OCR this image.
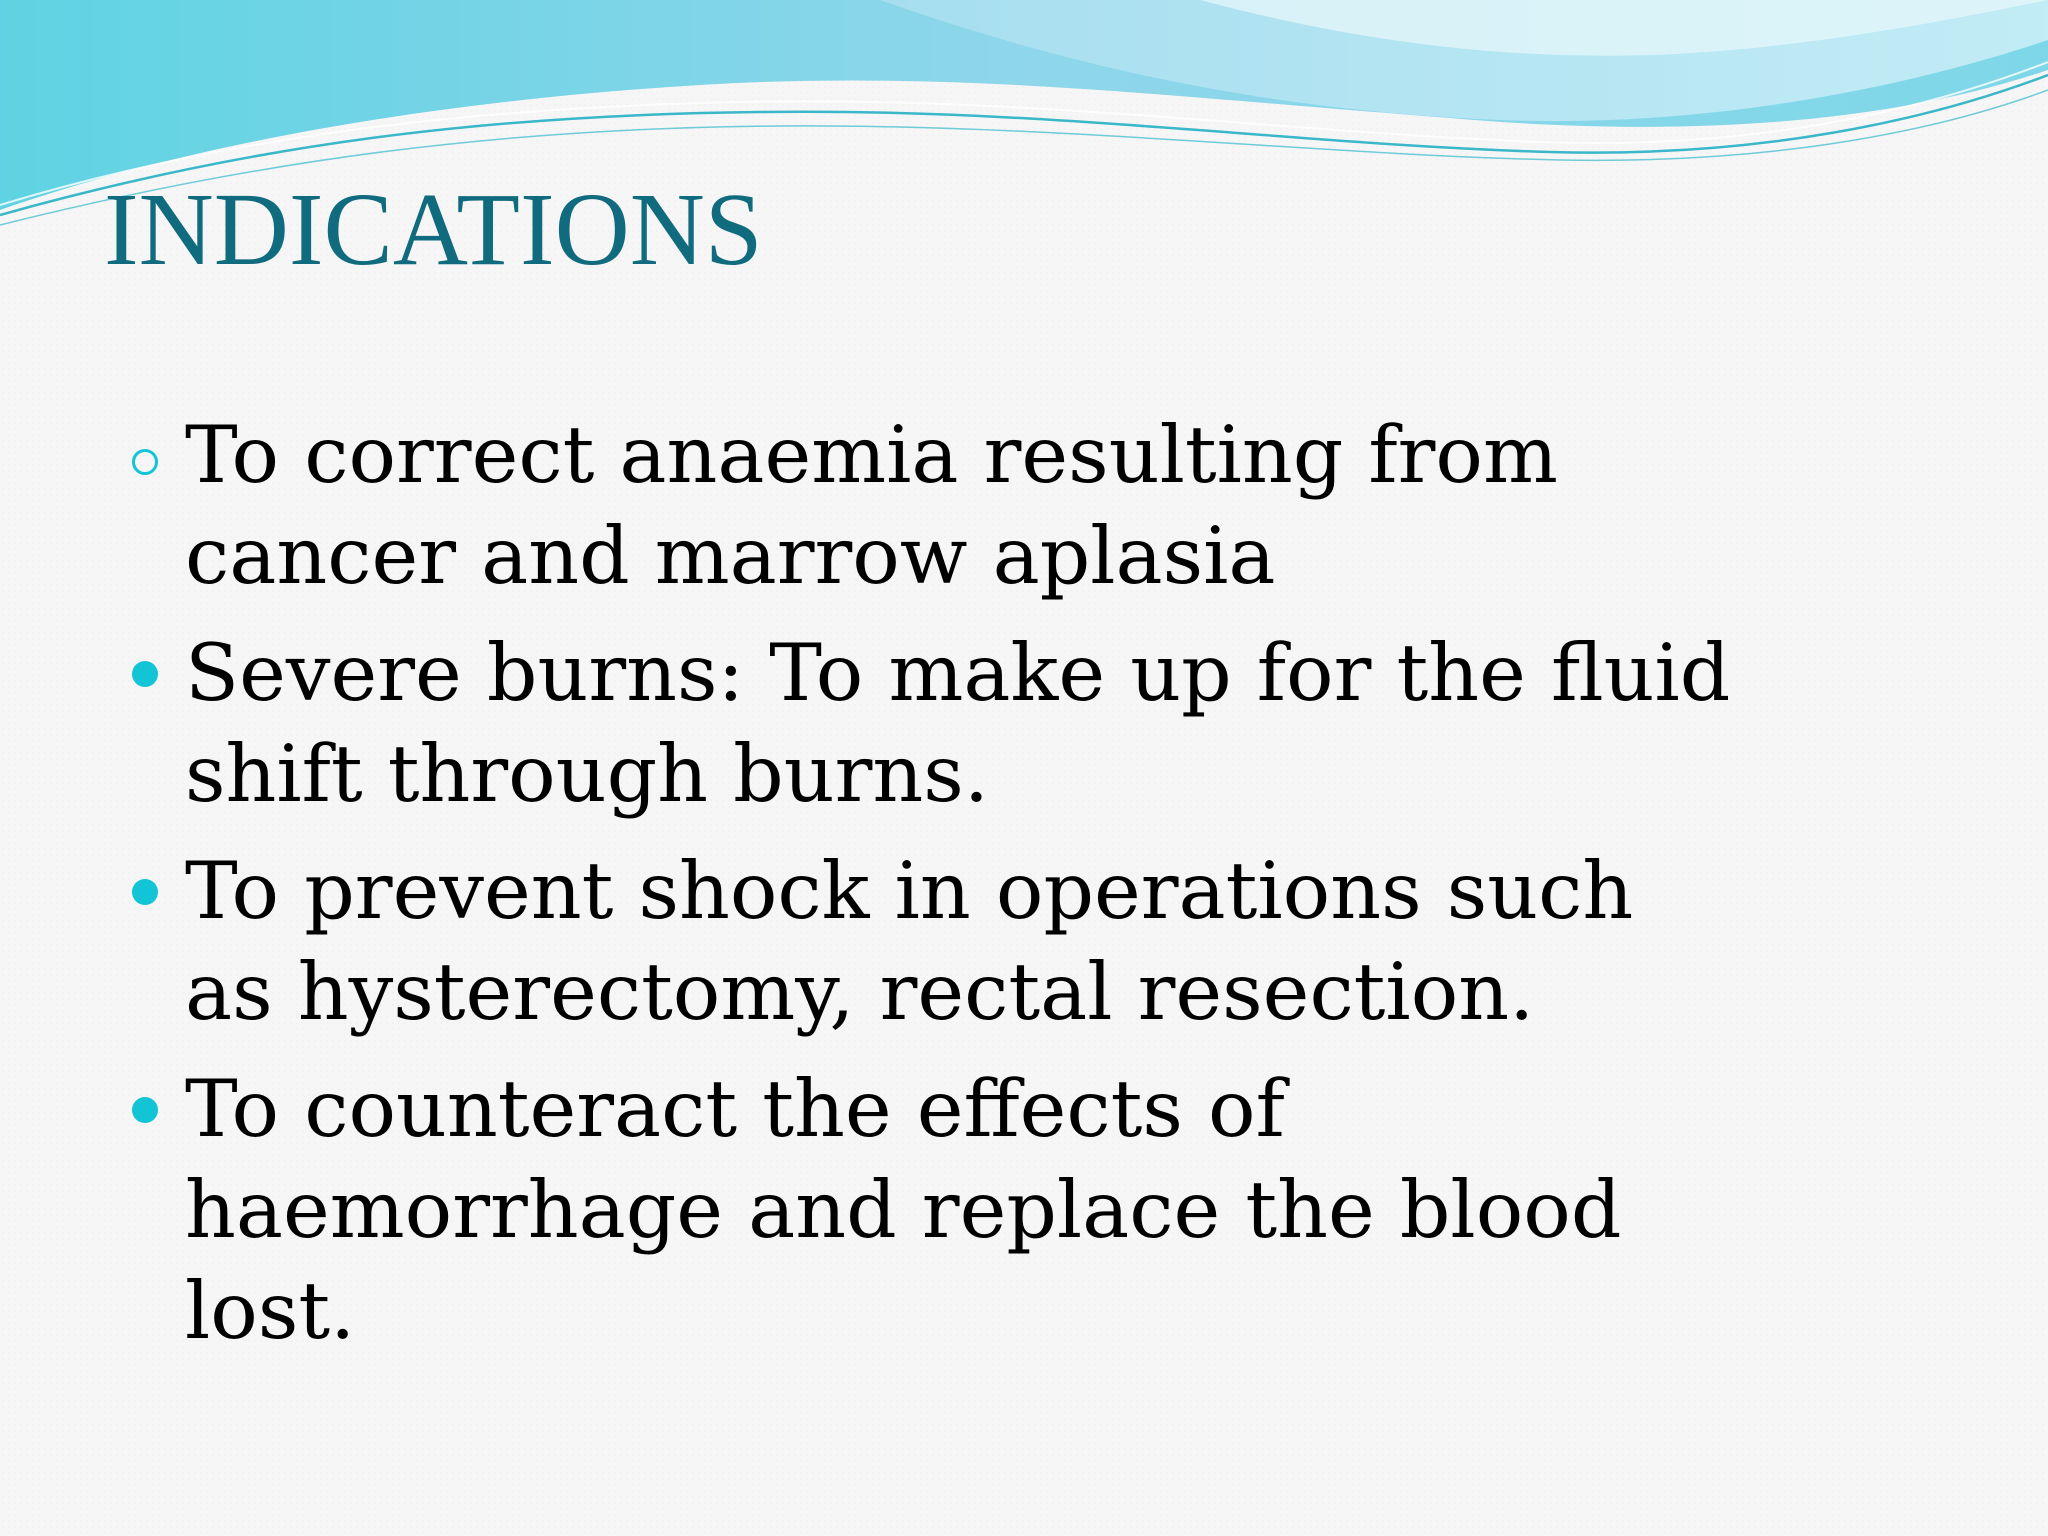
INDICATIONS
To correct anaemia resulting from cancer and marrow aplasia
Severe burns: To make up for the fluid shift through burns.
To prevent shock in operations such as hysterectomy, rectal resection.
To counteract the effects of haemorrhage and replace the blood lost.
